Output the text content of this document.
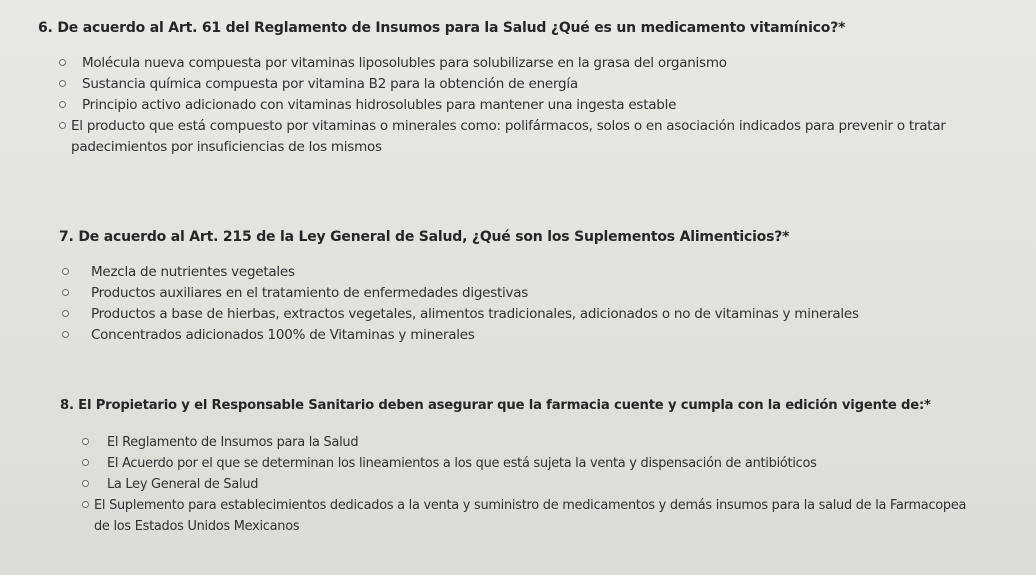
6. De acuerdo al Art. 61 del Reglamento de Insumos para la Salud ¿Qué es un medicamento vitamínico?*
Molécula nueva compuesta por vitaminas liposolubles para solubilizarse en la grasa del organismo
Sustancia química compuesta por vitamina B2 para la obtención de energía
Principio activo adicionado con vitaminas hidrosolubles para mantener una ingesta estable
El producto que está compuesto por vitaminas o minerales como: polifármacos, solos o en asociación indicados para prevenir o tratar padecimientos por insuficiencias de los mismos
7. De acuerdo al Art. 215 de la Ley General de Salud, ¿Qué son los Suplementos Alimenticios?*
Mezcla de nutrientes vegetales
Productos auxiliares en el tratamiento de enfermedades digestivas
Productos a base de hierbas, extractos vegetales, alimentos tradicionales, adicionados o no de vitaminas y minerales
Concentrados adicionados 100% de Vitaminas y minerales
8. El Propietario y el Responsable Sanitario deben asegurar que la farmacia cuente y cumpla con la edición vigente de:*
El Reglamento de Insumos para la Salud
El Acuerdo por el que se determinan los lineamientos a los que está sujeta la venta y dispensación de antibióticos
La Ley General de Salud
El Suplemento para establecimientos dedicados a la venta y suministro de medicamentos y demás insumos para la salud de la Farmacopea de los Estados Unidos Mexicanos
